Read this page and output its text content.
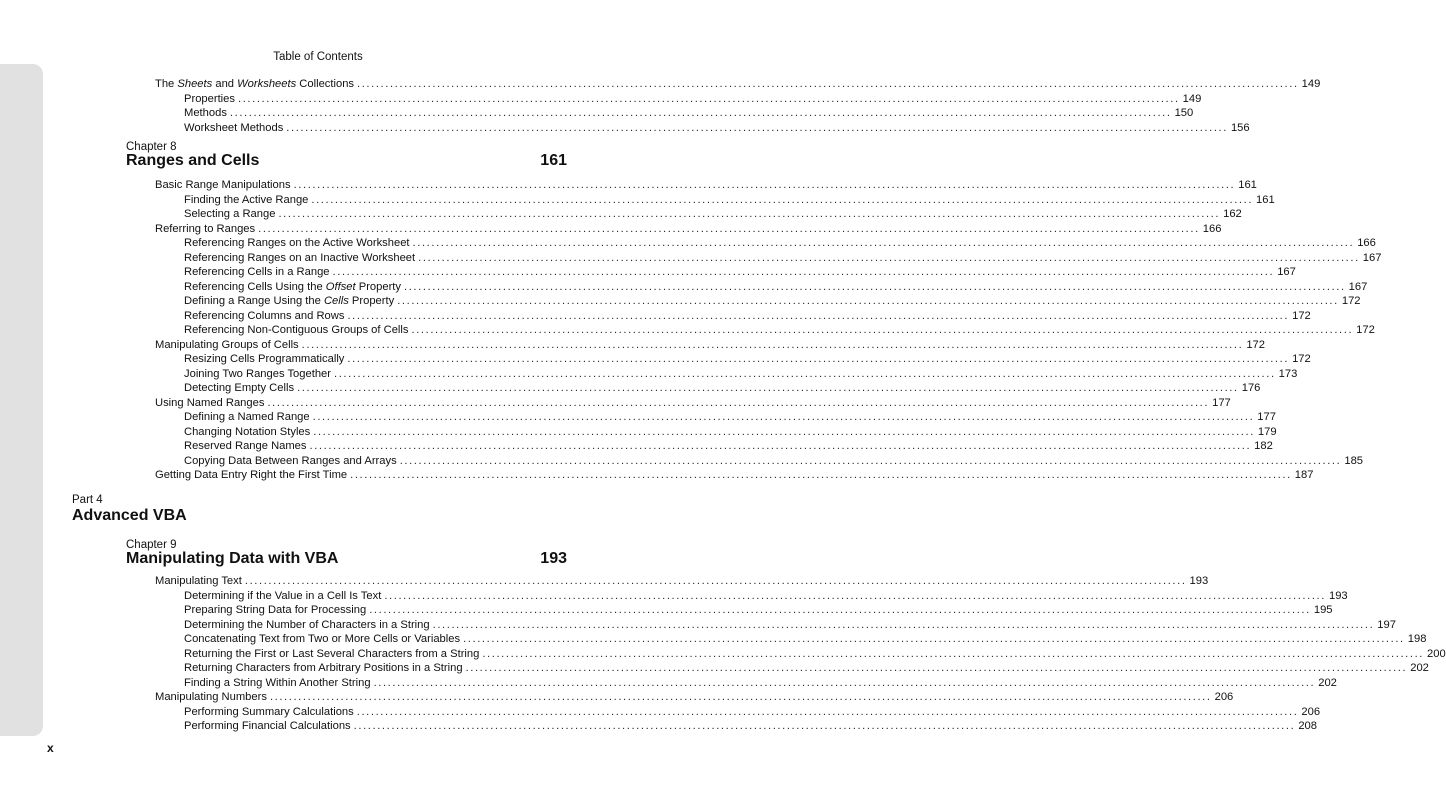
Table of Contents
The Sheets and Worksheets Collections ........................................................................................................................................................................................................ 149
Properties ........................................................................................................................................................................................................ 149
Methods ........................................................................................................................................................................................................ 150
Worksheet Methods ........................................................................................................................................................................................................ 156
Chapter 8
Ranges and Cells	161
Basic Range Manipulations ........................................................................................................................................................................................................ 161
Finding the Active Range ........................................................................................................................................................................................................ 161
Selecting a Range ........................................................................................................................................................................................................ 162
Referring to Ranges ........................................................................................................................................................................................................ 166
Referencing Ranges on the Active Worksheet ........................................................................................................................................................................................................ 166
Referencing Ranges on an Inactive Worksheet ........................................................................................................................................................................................................ 167
Referencing Cells in a Range ........................................................................................................................................................................................................ 167
Referencing Cells Using the Offset Property ........................................................................................................................................................................................................ 167
Defining a Range Using the Cells Property ........................................................................................................................................................................................................ 172
Referencing Columns and Rows ........................................................................................................................................................................................................ 172
Referencing Non-Contiguous Groups of Cells ........................................................................................................................................................................................................ 172
Manipulating Groups of Cells ........................................................................................................................................................................................................ 172
Resizing Cells Programmatically ........................................................................................................................................................................................................ 172
Joining Two Ranges Together ........................................................................................................................................................................................................ 173
Detecting Empty Cells ........................................................................................................................................................................................................ 176
Using Named Ranges ........................................................................................................................................................................................................ 177
Defining a Named Range ........................................................................................................................................................................................................ 177
Changing Notation Styles ........................................................................................................................................................................................................ 179
Reserved Range Names ........................................................................................................................................................................................................ 182
Copying Data Between Ranges and Arrays ........................................................................................................................................................................................................ 185
Getting Data Entry Right the First Time ........................................................................................................................................................................................................ 187
Part 4
Advanced VBA
Chapter 9
Manipulating Data with VBA	193
Manipulating Text ........................................................................................................................................................................................................ 193
Determining if the Value in a Cell Is Text ........................................................................................................................................................................................................ 193
Preparing String Data for Processing ........................................................................................................................................................................................................ 195
Determining the Number of Characters in a String ........................................................................................................................................................................................................ 197
Concatenating Text from Two or More Cells or Variables ........................................................................................................................................................................................................ 198
Returning the First or Last Several Characters from a String ........................................................................................................................................................................................................ 200
Returning Characters from Arbitrary Positions in a String ........................................................................................................................................................................................................ 202
Finding a String Within Another String ........................................................................................................................................................................................................ 202
Manipulating Numbers ........................................................................................................................................................................................................ 206
Performing Summary Calculations ........................................................................................................................................................................................................ 206
Performing Financial Calculations ........................................................................................................................................................................................................ 208
x
